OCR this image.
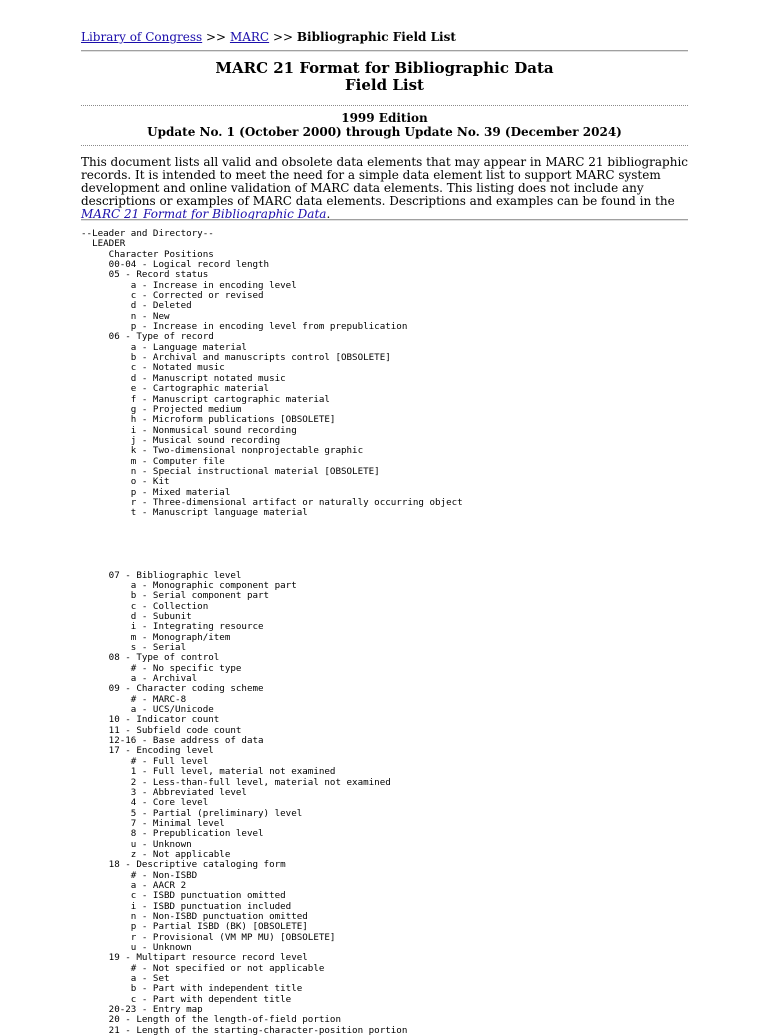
Library of Congress >> MARC >> Bibliographic Field List
MARC 21 Format for Bibliographic Data
Field List
1999 Edition
Update No. 1 (October 2000) through Update No. 39 (December 2024)
This document lists all valid and obsolete data elements that may appear in MARC 21 bibliographic records. It is intended to meet the need for a simple data element list to support MARC system development and online validation of MARC data elements. This listing does not include any descriptions or examples of MARC data elements. Descriptions and examples can be found in the MARC 21 Format for Bibliographic Data.
--Leader and Directory--
LEADER
Character Positions
00-04 - Logical record length
05 - Record status
a - Increase in encoding level
c - Corrected or revised
d - Deleted
n - New
p - Increase in encoding level from prepublication
06 - Type of record
a - Language material
b - Archival and manuscripts control [OBSOLETE]
c - Notated music
d - Manuscript notated music
e - Cartographic material
f - Manuscript cartographic material
g - Projected medium
h - Microform publications [OBSOLETE]
i - Nonmusical sound recording
j - Musical sound recording
k - Two-dimensional nonprojectable graphic
m - Computer file
n - Special instructional material [OBSOLETE]
o - Kit
p - Mixed material
r - Three-dimensional artifact or naturally occurring object
t - Manuscript language material
07 - Bibliographic level
a - Monographic component part
b - Serial component part
c - Collection
d - Subunit
i - Integrating resource
m - Monograph/item
s - Serial
08 - Type of control
# - No specific type
a - Archival
09 - Character coding scheme
# - MARC-8
a - UCS/Unicode
10 - Indicator count
11 - Subfield code count
12-16 - Base address of data
17 - Encoding level
# - Full level
1 - Full level, material not examined
2 - Less-than-full level, material not examined
3 - Abbreviated level
4 - Core level
5 - Partial (preliminary) level
7 - Minimal level
8 - Prepublication level
u - Unknown
z - Not applicable
18 - Descriptive cataloging form
# - Non-ISBD
a - AACR 2
c - ISBD punctuation omitted
i - ISBD punctuation included
n - Non-ISBD punctuation omitted
p - Partial ISBD (BK) [OBSOLETE]
r - Provisional (VM MP MU) [OBSOLETE]
u - Unknown
19 - Multipart resource record level
# - Not specified or not applicable
a - Set
b - Part with independent title
c - Part with dependent title
20-23 - Entry map
20 - Length of the length-of-field portion
21 - Length of the starting-character-position portion
